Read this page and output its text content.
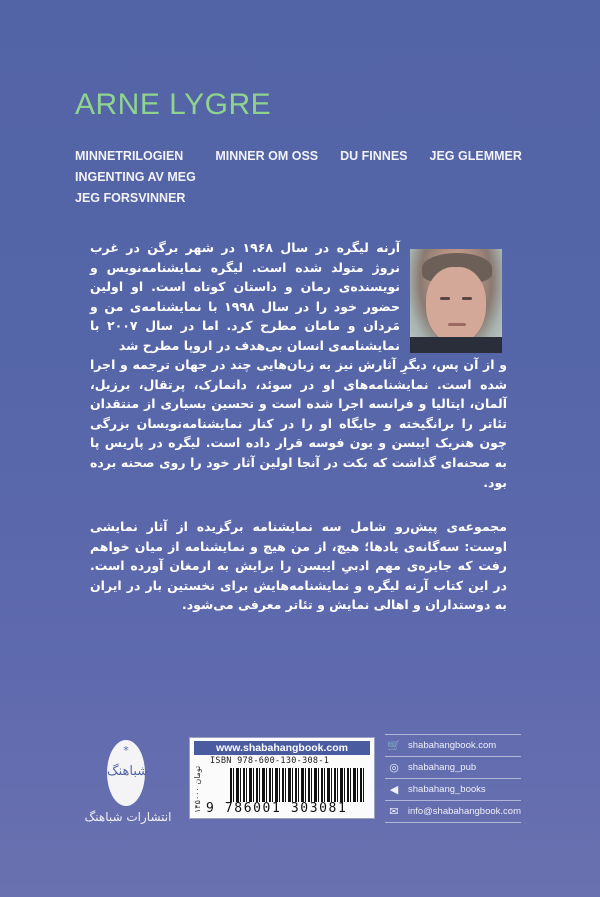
ARNE LYGRE
MINNETRILOGIEN	MINNER OM OSS DU FINNES JEG GLEMMER
INGENTING AV MEG
JEG FORSVINNER

آرنه لیگره در سال ۱۹۶۸ در شهر برگن در غرب نروژ متولد شده است. لیگره نمایشنامه‌نویس و نویسنده‌ی رمان و داستان کوتاه است. او اولین حضور خود را در سال ۱۹۹۸ با نمایشنامه‌ی من و مَردان و مامان مطرح کرد. اما در سال ۲۰۰۷ با نمایشنامه‌ی انسان بی‌هدف در اروپا مطرح شد

و از آن پس، دیگرِ آثارش نیز به زبان‌هایی چند در جهان ترجمه و اجرا شده است. نمایشنامه‌های او در سوئد، دانمارک، پرتقال، برزیل، آلمان، ایتالیا و فرانسه اجرا شده است و تحسین بسیاری از منتقدان تئاتر را برانگیخته و جایگاه او را در کنار نمایشنامه‌نویسان بزرگی چون هنریک ایبسن و یون فوسه قرار داده است. لیگره در پاریس پا به صحنه‌ای گذاشت که بکت در آنجا اولین آثار خود را روی صحنه برده بود.

مجموعه‌ی پیش‌رو شامل سه نمایشنامه برگزیده از آثار نمایشی اوست: سه‌گانه‌ی یادها؛ هیچ، از من هیچ و نمایشنامه از میان خواهم رفت که جایزه‌ی مهم ادبیِ ایبسن را برایش به ارمغان آورده است. در این کتاب آرنه لیگره و نمایشنامه‌هایش برای نخستین بار در ایران به دوستداران و اهالی نمایش و تئاتر معرفی می‌شود.

*
شباهنگ
انتشارات شباهنگ
www.shabahangbook.com
۱۴۵۰۰۰ تومان
ISBN 978-600-130-308-1
9 786001 303081
🛒 shabahangbook.com
◎ shabahang_pub
◀	shabahang_books
✉ info@shabahangbook.com
